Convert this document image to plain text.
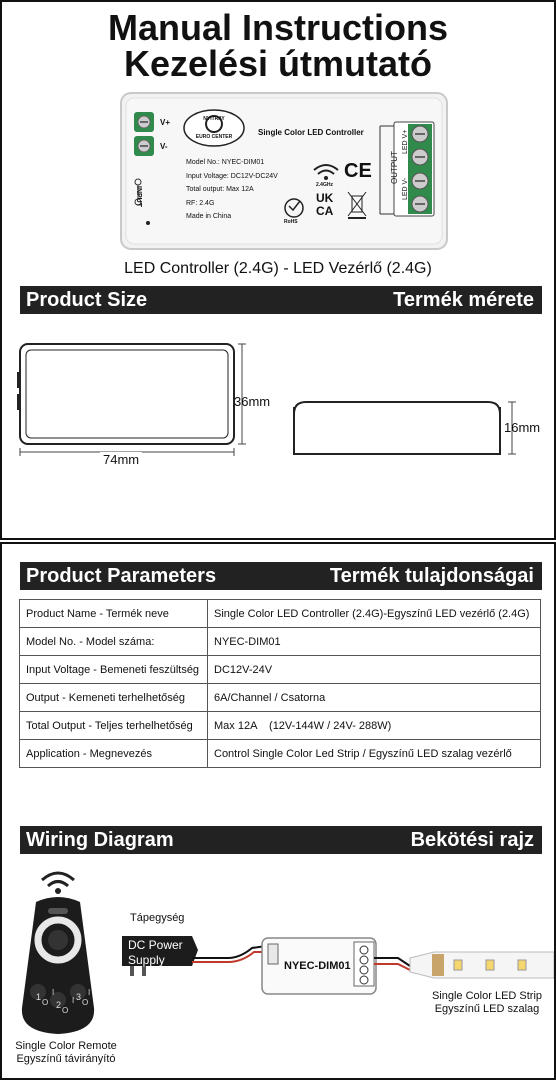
Manual Instructions
Kezelési útmutató
V+
V-
INPUT
NYITRAY
EURO CENTER	Single Color LED Controller
Model No.: NYEC-DIM01
Input Voltage: DC12V-DC24V
Total output: Max 12A
RF: 2.4G
Made in China
2.4GHz
CE
UK
CA
RoHS
OUTPUT
LED V+
LED V-
LED Controller (2.4G) - LED Vezérlő (2.4G)
Product Size	Termék mérete
36mm
74mm
16mm
Product Parameters	Termék tulajdonságai
Product Name - Termék neve	Single Color LED Controller (2.4G)-Egyszínű LED vezérlő (2.4G)
Model No. - Model száma:	NYEC-DIM01
Input Voltage - Bemeneti feszültség	DC12V-24V
Output - Kemeneti terhelhetőség	6A/Channel / Csatorna
Total Output - Teljes terhelhetőség	Max 12A    (12V-144W / 24V- 288W)
Application - Megnevezés	Control Single Color Led Strip / Egyszínű LED szalag vezérlő
Wiring Diagram	Bekötési rajz
I
1
O	I
2
O
I
3
O
Tápegység
DC Power
Supply	NYEC-DIM01
Single Color LED Strip
Egyszínű LED szalag
Single Color Remote
Egyszínű távirányító
